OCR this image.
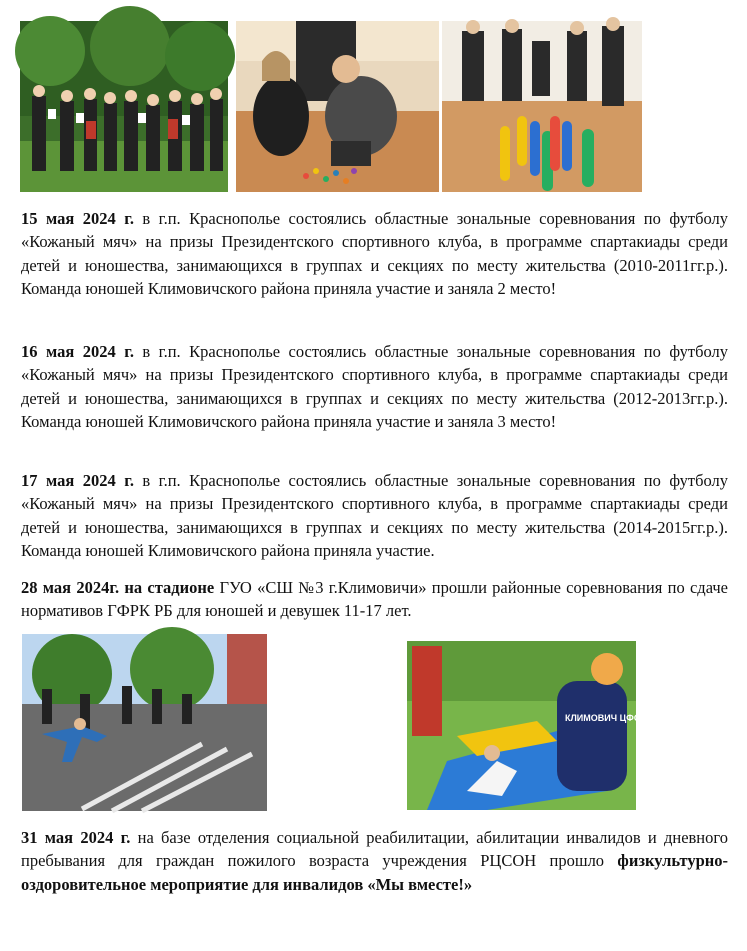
15 мая 2024 г. в г.п. Краснополье состоялись областные зональные соревнования по футболу «Кожаный мяч» на призы Президентского спортивного клуба, в программе спартакиады среди детей и юношества, занимающихся в группах и секциях по месту жительства (2010-2011гг.р.). Команда юношей Климовичского района приняла участие и заняла 2 место!

16 мая 2024 г. в г.п. Краснополье состоялись областные зональные соревнования по футболу «Кожаный мяч» на призы Президентского спортивного клуба, в программе спартакиады среди детей и юношества, занимающихся в группах и секциях по месту жительства (2012-2013гг.р.). Команда юношей Климовичского района приняла участие и заняла 3 место!

17 мая 2024 г. в г.п. Краснополье состоялись областные зональные соревнования по футболу «Кожаный мяч» на призы Президентского спортивного клуба, в программе спартакиады среди детей и юношества, занимающихся в группах и секциях по месту жительства (2014-2015гг.р.). Команда юношей Климовичского района приняла участие.

28 мая 2024г. на стадионе ГУО «СШ №3 г.Климовичи» прошли районные соревнования по сдаче нормативов ГФРК РБ для юношей и девушек 11-17 лет.

КЛИМОВИЧ ЦФОР

31 мая 2024 г. на базе отделения социальной реабилитации, абилитации инвалидов и дневного пребывания для граждан пожилого возраста учреждения РЦСОН прошло физкультурно-оздоровительное мероприятие для инвалидов «Мы вместе!»
